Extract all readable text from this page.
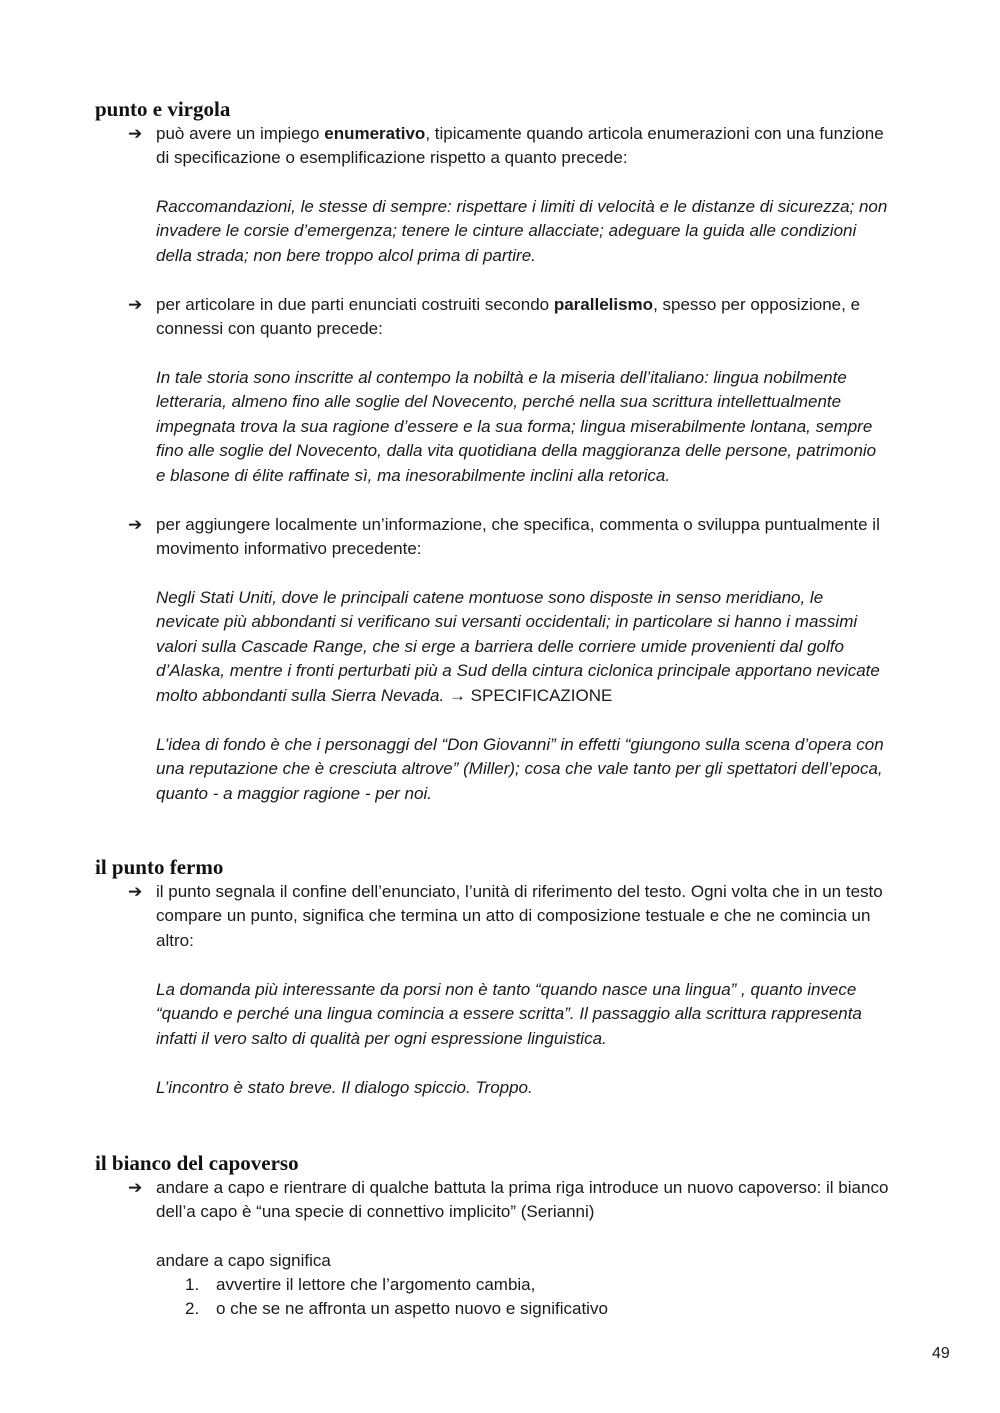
punto e virgola
➔ può avere un impiego enumerativo, tipicamente quando articola enumerazioni con una funzione

di specificazione o esemplificazione rispetto a quanto precede:

Raccomandazioni, le stesse di sempre: rispettare i limiti di velocità e le distanze di sicurezza; non

invadere le corsie d’emergenza; tenere le cinture allacciate; adeguare la guida alle condizioni

della strada; non bere troppo alcol prima di partire.

➔ per articolare in due parti enunciati costruiti secondo parallelismo, spesso per opposizione, e

connessi con quanto precede:

In tale storia sono inscritte al contempo la nobiltà e la miseria dell’italiano: lingua nobilmente

letteraria, almeno fino alle soglie del Novecento, perché nella sua scrittura intellettualmente

impegnata trova la sua ragione d’essere e la sua forma; lingua miserabilmente lontana, sempre

fino alle soglie del Novecento, dalla vita quotidiana della maggioranza delle persone, patrimonio

e blasone di élite raffinate sì, ma inesorabilmente inclini alla retorica.

➔ per aggiungere localmente un’informazione, che specifica, commenta o sviluppa puntualmente il

movimento informativo precedente:

Negli Stati Uniti, dove le principali catene montuose sono disposte in senso meridiano, le

nevicate più abbondanti si verificano sui versanti occidentali; in particolare si hanno i massimi

valori sulla Cascade Range, che si erge a barriera delle corriere umide provenienti dal golfo

d’Alaska, mentre i fronti perturbati più a Sud della cintura ciclonica principale apportano nevicate

molto abbondanti sulla Sierra Nevada. → SPECIFICAZIONE

L’idea di fondo è che i personaggi del “Don Giovanni” in effetti “giungono sulla scena d’opera con

una reputazione che è cresciuta altrove” (Miller); cosa che vale tanto per gli spettatori dell’epoca,

quanto - a maggior ragione - per noi.

il punto fermo
➔ il punto segnala il confine dell’enunciato, l’unità di riferimento del testo. Ogni volta che in un testo

compare un punto, significa che termina un atto di composizione testuale e che ne comincia un

altro:

La domanda più interessante da porsi non è tanto “quando nasce una lingua” , quanto invece

“quando e perché una lingua comincia a essere scritta”. Il passaggio alla scrittura rappresenta

infatti il vero salto di qualità per ogni espressione linguistica.

L’incontro è stato breve. Il dialogo spiccio. Troppo.

il bianco del capoverso
➔ andare a capo e rientrare di qualche battuta la prima riga introduce un nuovo capoverso: il bianco

dell’a capo è “una specie di connettivo implicito” (Serianni)

andare a capo significa

1. avvertire il lettore che l’argomento cambia,
2. o che se ne affronta un aspetto nuovo e significativo
49
